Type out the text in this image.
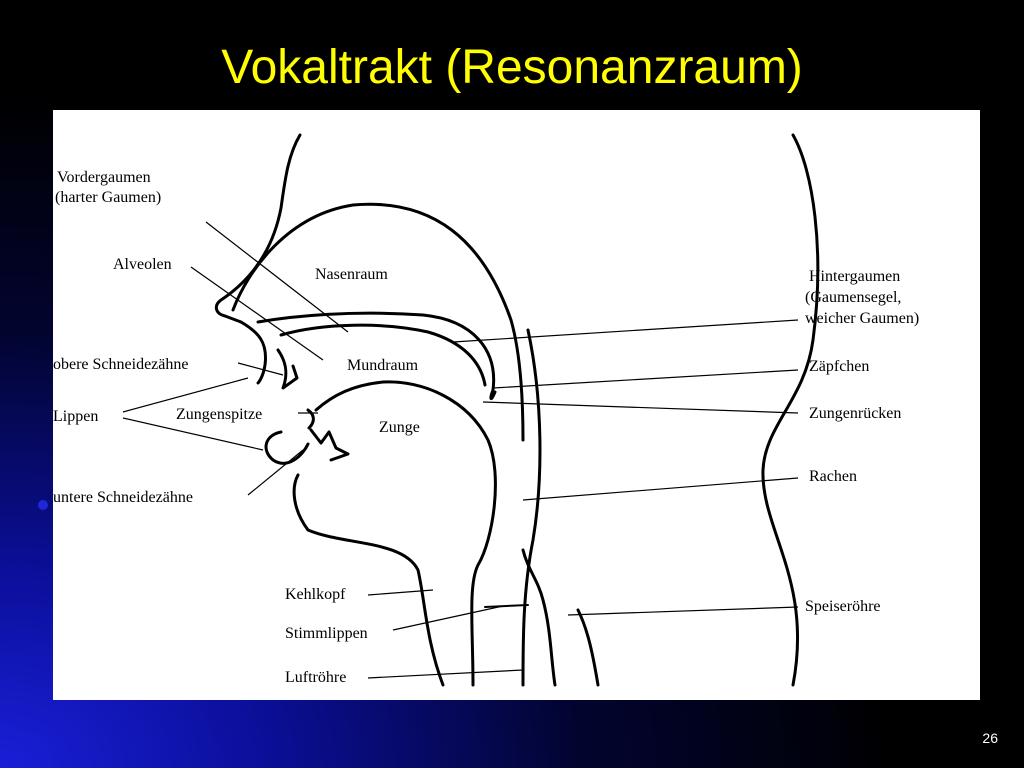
Vokaltrakt (Resonanzraum)
Vordergaumen
(harter Gaumen)
Alveolen
Nasenraum
obere Schneidezähne	Mundraum
Lippen	Zungenspitze
Zunge
untere Schneidezähne
Kehlkopf
Stimmlippen
Luftröhre
Hintergaumen
(Gaumensegel,
weicher Gaumen)
Zäpfchen
Zungenrücken
Rachen
Speiseröhre
26
